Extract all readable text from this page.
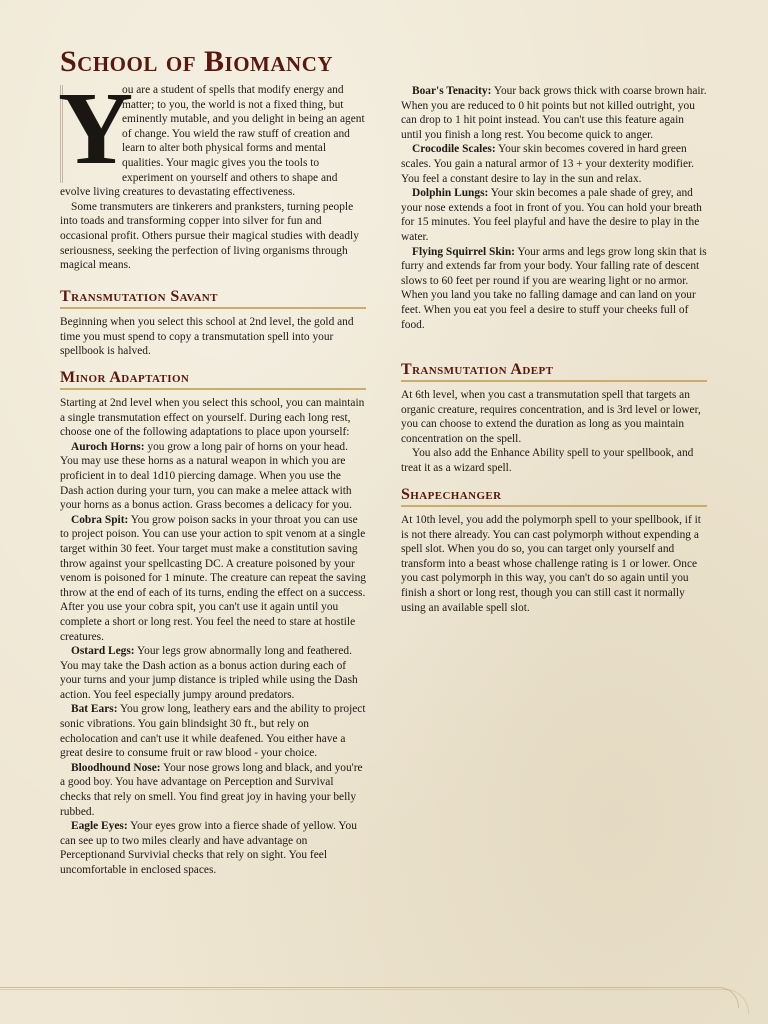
School of Biomancy
Y

ou are a student of spells that modify energy and matter; to you, the world is not a fixed thing, but eminently mutable, and you delight in being an agent of change. You wield the raw stuff of creation and learn to alter both physical forms and mental qualities. Your magic gives you the tools to experiment on yourself and others to shape and evolve living creatures to devastating effectiveness.

Some transmuters are tinkerers and pranksters, turning people into toads and transforming copper into silver for fun and occasional profit. Others pursue their magical studies with deadly seriousness, seeking the perfection of living organisms through magical means.

Transmutation Savant

Beginning when you select this school at 2nd level, the gold and time you must spend to copy a transmutation spell into your spellbook is halved.

Minor Adaptation

Starting at 2nd level when you select this school, you can maintain a single transmutation effect on yourself. During each long rest, choose one of the following adaptations to place upon yourself:

Auroch Horns: you grow a long pair of horns on your head. You may use these horns as a natural weapon in which you are proficient in to deal 1d10 piercing damage. When you use the Dash action during your turn, you can make a melee attack with your horns as a bonus action. Grass becomes a delicacy for you.

Cobra Spit: You grow poison sacks in your throat you can use to project poison. You can use your action to spit venom at a single target within 30 feet. Your target must make a constitution saving throw against your spellcasting DC. A creature poisoned by your venom is poisoned for 1 minute. The creature can repeat the saving throw at the end of each of its turns, ending the effect on a success. After you use your cobra spit, you can't use it again until you complete a short or long rest. You feel the need to stare at hostile creatures.

Ostard Legs: Your legs grow abnormally long and feathered. You may take the Dash action as a bonus action during each of your turns and your jump distance is tripled while using the Dash action. You feel especially jumpy around predators.

Bat Ears: You grow long, leathery ears and the ability to project sonic vibrations. You gain blindsight 30 ft., but rely on echolocation and can't use it while deafened. You either have a great desire to consume fruit or raw blood - your choice.

Bloodhound Nose: Your nose grows long and black, and you're a good boy. You have advantage on Perception and Survival checks that rely on smell. You find great joy in having your belly rubbed.

Eagle Eyes: Your eyes grow into a fierce shade of yellow. You can see up to two miles clearly and have advantage on Perceptionand Survivial checks that rely on sight. You feel uncomfortable in enclosed spaces.

Boar's Tenacity: Your back grows thick with coarse brown hair. When you are reduced to 0 hit points but not killed outright, you can drop to 1 hit point instead. You can't use this feature again until you finish a long rest. You become quick to anger.

Crocodile Scales: Your skin becomes covered in hard green scales. You gain a natural armor of 13 + your dexterity modifier. You feel a constant desire to lay in the sun and relax.

Dolphin Lungs: Your skin becomes a pale shade of grey, and your nose extends a foot in front of you. You can hold your breath for 15 minutes. You feel playful and have the desire to play in the water.

Flying Squirrel Skin: Your arms and legs grow long skin that is furry and extends far from your body. Your falling rate of descent slows to 60 feet per round if you are wearing light or no armor. When you land you take no falling damage and can land on your feet. When you eat you feel a desire to stuff your cheeks full of food.

Transmutation Adept

At 6th level, when you cast a transmutation spell that targets an organic creature, requires concentration, and is 3rd level or lower, you can choose to extend the duration as long as you maintain concentration on the spell.

You also add the Enhance Ability spell to your spellbook, and treat it as a wizard spell.

Shapechanger

At 10th level, you add the polymorph spell to your spellbook, if it is not there already. You can cast polymorph without expending a spell slot. When you do so, you can target only yourself and transform into a beast whose challenge rating is 1 or lower. Once you cast polymorph in this way, you can't do so again until you finish a short or long rest, though you can still cast it normally using an available spell slot.
